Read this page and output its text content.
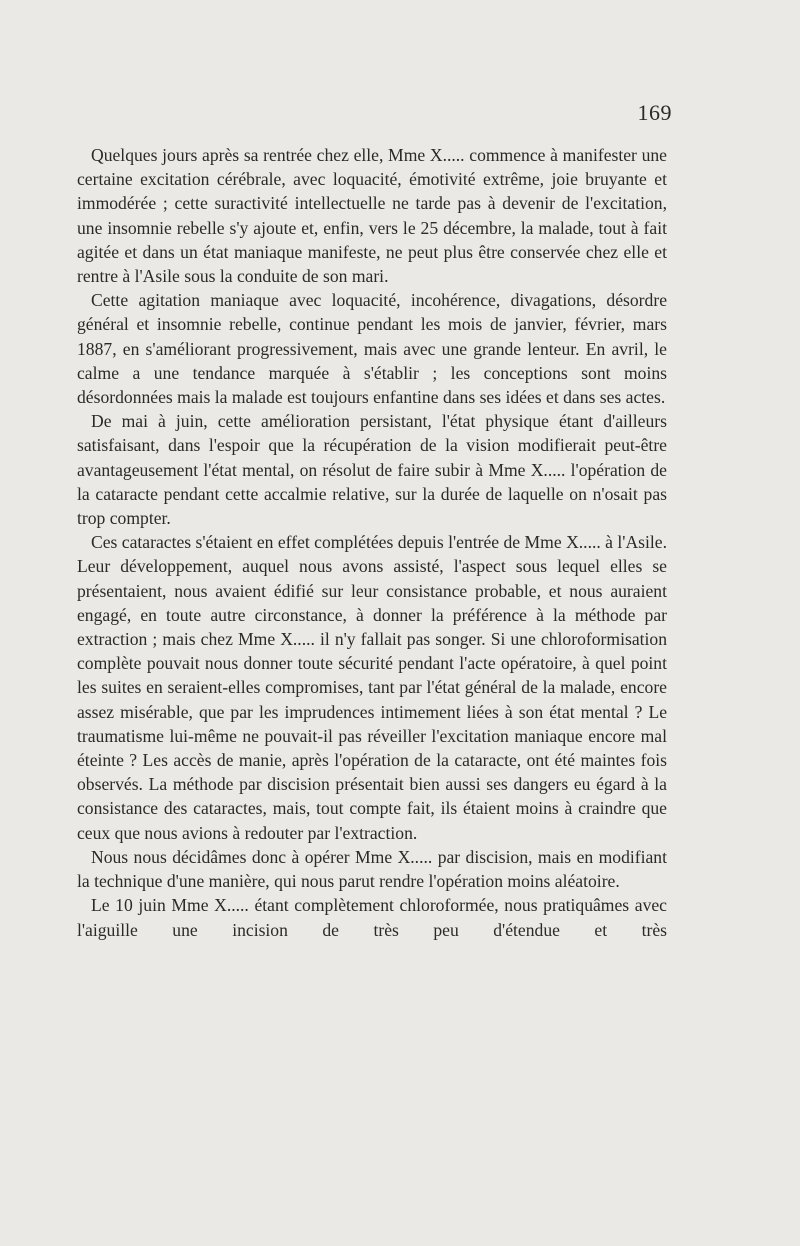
169

Quelques jours après sa rentrée chez elle, Mme X..... commence à manifester une certaine excitation cérébrale, avec loquacité, émotivité extrême, joie bruyante et immodérée ; cette suractivité intellectuelle ne tarde pas à devenir de l'excitation, une insomnie rebelle s'y ajoute et, enfin, vers le 25 décembre, la malade, tout à fait agitée et dans un état maniaque manifeste, ne peut plus être conservée chez elle et rentre à l'Asile sous la conduite de son mari.

Cette agitation maniaque avec loquacité, incohérence, divagations, désordre général et insomnie rebelle, continue pendant les mois de janvier, février, mars 1887, en s'améliorant progressivement, mais avec une grande lenteur. En avril, le calme a une tendance marquée à s'établir ; les conceptions sont moins désordonnées mais la malade est toujours enfantine dans ses idées et dans ses actes.

De mai à juin, cette amélioration persistant, l'état physique étant d'ailleurs satisfaisant, dans l'espoir que la récupération de la vision modifierait peut-être avantageusement l'état mental, on résolut de faire subir à Mme X..... l'opération de la cataracte pendant cette accalmie relative, sur la durée de laquelle on n'osait pas trop compter.

Ces cataractes s'étaient en effet complétées depuis l'entrée de Mme X..... à l'Asile. Leur développement, auquel nous avons assisté, l'aspect sous lequel elles se présentaient, nous avaient édifié sur leur consistance probable, et nous auraient engagé, en toute autre circonstance, à donner la préférence à la méthode par extraction ; mais chez Mme X..... il n'y fallait pas songer. Si une chloroformisation complète pouvait nous donner toute sécurité pendant l'acte opératoire, à quel point les suites en seraient-elles compromises, tant par l'état général de la malade, encore assez misérable, que par les imprudences intimement liées à son état mental ? Le traumatisme lui-même ne pouvait-il pas réveiller l'excitation maniaque encore mal éteinte ? Les accès de manie, après l'opération de la cataracte, ont été maintes fois observés. La méthode par discision présentait bien aussi ses dangers eu égard à la consistance des cataractes, mais, tout compte fait, ils étaient moins à craindre que ceux que nous avions à redouter par l'extraction.

Nous nous décidâmes donc à opérer Mme X..... par discision, mais en modifiant la technique d'une manière, qui nous parut rendre l'opération moins aléatoire.

Le 10 juin Mme X..... étant complètement chloroformée, nous pratiquâmes avec l'aiguille une incision de très peu d'étendue et très
